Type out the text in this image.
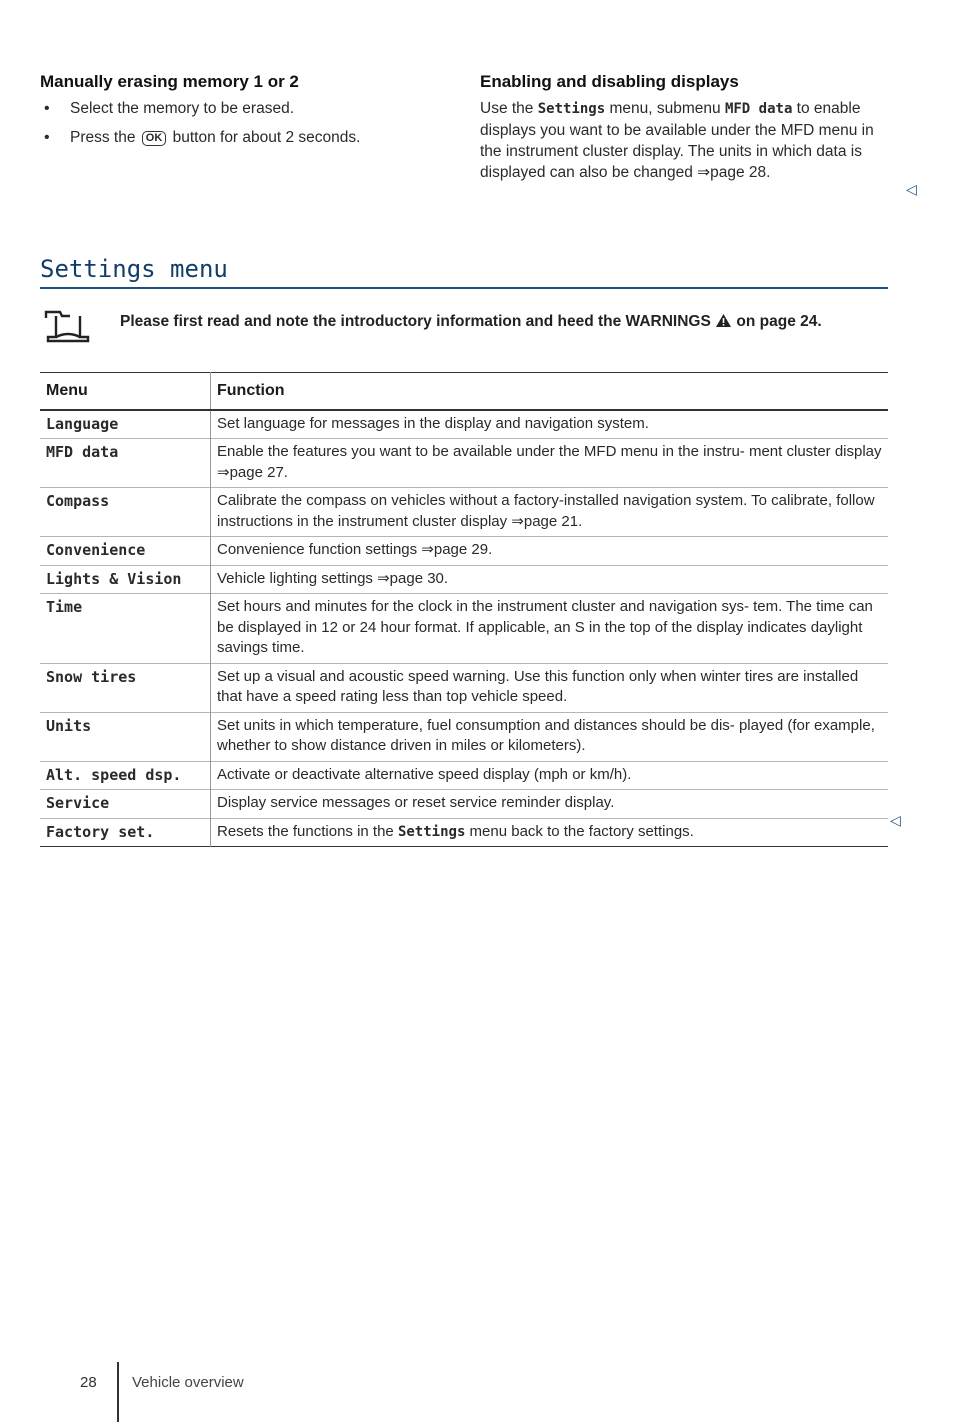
Manually erasing memory 1 or 2
• Select the memory to be erased.
• Press the OK button for about 2 seconds.
Enabling and disabling displays
Use the Settings menu, submenu MFD data to enable displays you want to be available under the MFD menu in the instrument cluster display. The units in which data is displayed can also be changed ⇒page 28.
◁
Settings menu
Please first read and note the introductory information and heed the WARNINGS on page 24.
Menu	Function
Language	Set language for messages in the display and navigation system.
MFD data	Enable the features you want to be available under the MFD menu in the instru- ment cluster display ⇒page 27.
Compass	Calibrate the compass on vehicles without a factory-installed navigation system. To calibrate, follow instructions in the instrument cluster display ⇒page 21.
Convenience	Convenience function settings ⇒page 29.
Lights & Vision	Vehicle lighting settings ⇒page 30.
Time	Set hours and minutes for the clock in the instrument cluster and navigation sys- tem. The time can be displayed in 12 or 24 hour format. If applicable, an S in the top of the display indicates daylight savings time.
Snow tires	Set up a visual and acoustic speed warning. Use this function only when winter tires are installed that have a speed rating less than top vehicle speed.
Units	Set units in which temperature, fuel consumption and distances should be dis- played (for example, whether to show distance driven in miles or kilometers).
Alt. speed dsp.	Activate or deactivate alternative speed display (mph or km/h).
Service	Display service messages or reset service reminder display.
Factory set.	Resets the functions in the Settings menu back to the factory settings.
◁
28 Vehicle overview
